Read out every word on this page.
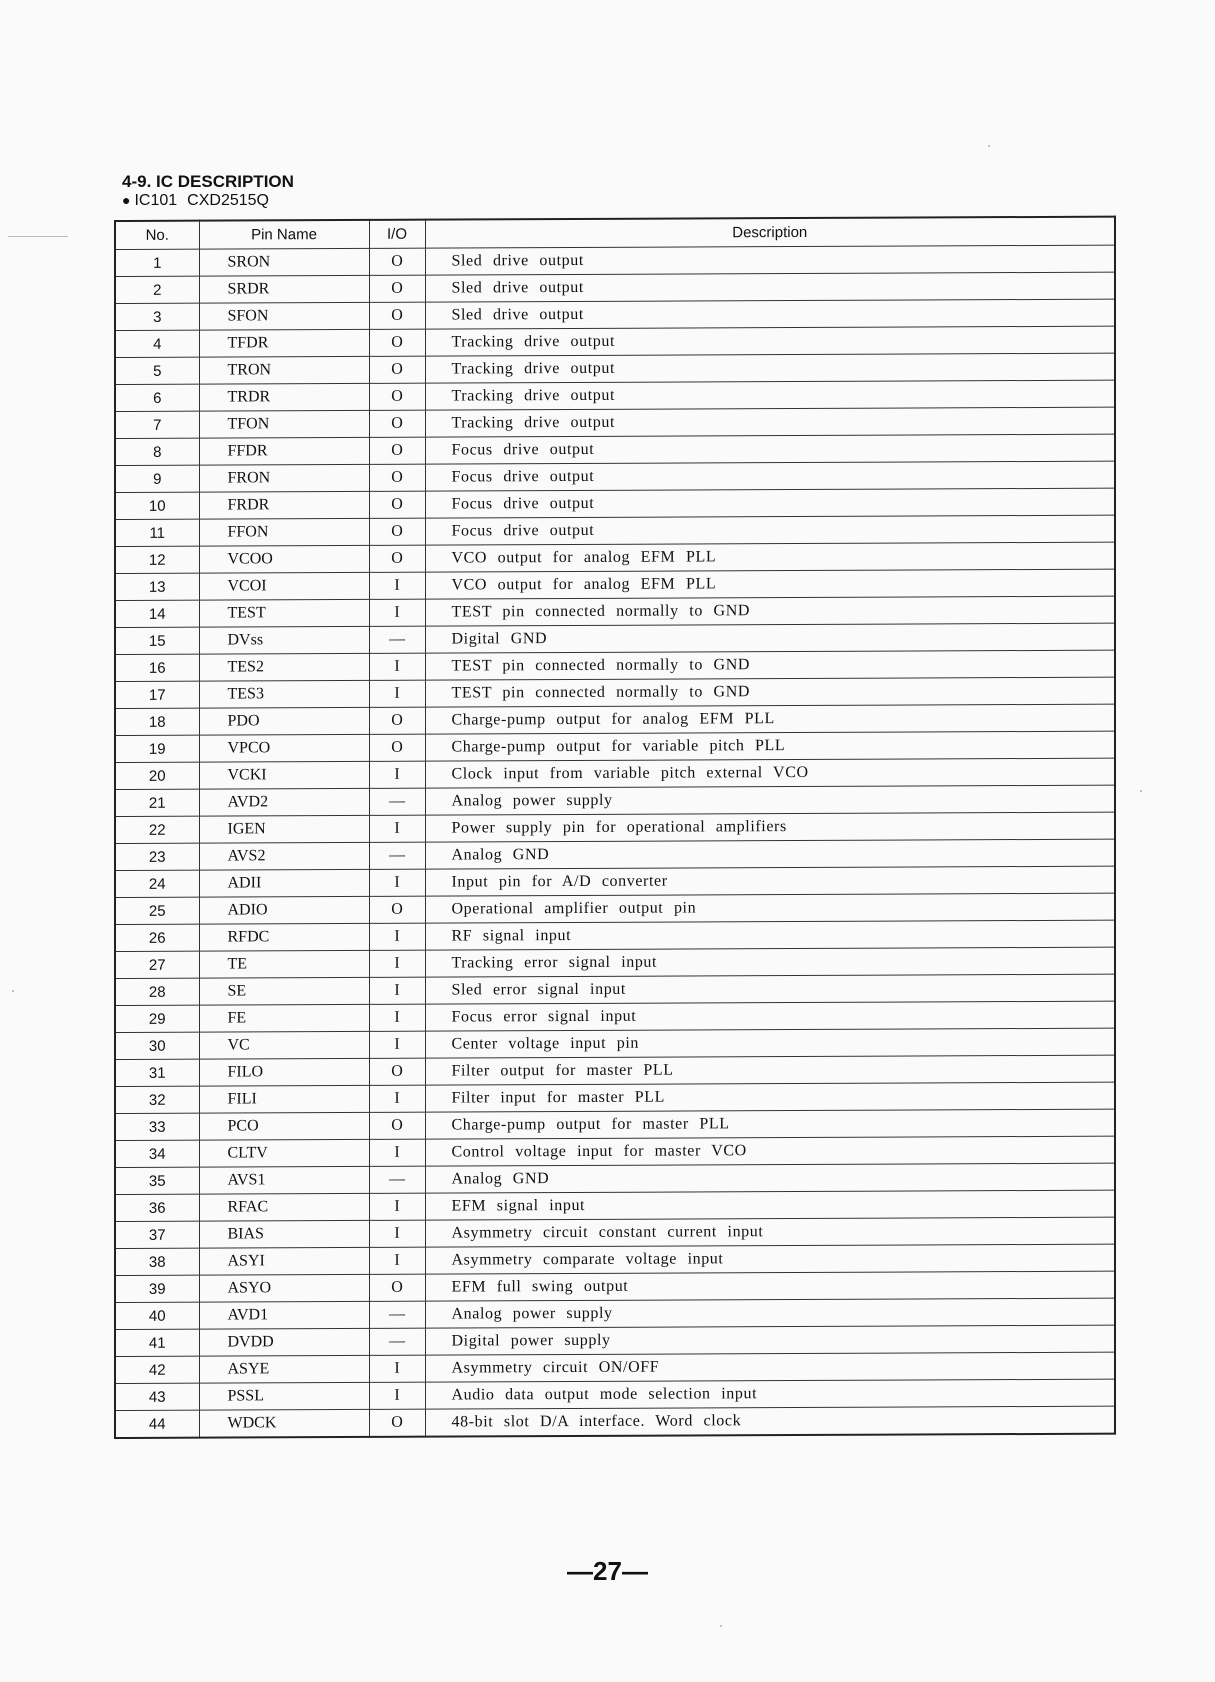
4-9. IC DESCRIPTION
● IC101 CXD2515Q
No.	Pin Name	I/O	Description
1	SRON	O	Sled drive output
2	SRDR	O	Sled drive output
3	SFON	O	Sled drive output
4	TFDR	O	Tracking drive output
5	TRON	O	Tracking drive output
6	TRDR	O	Tracking drive output
7	TFON	O	Tracking drive output
8	FFDR	O	Focus drive output
9	FRON	O	Focus drive output
10	FRDR	O	Focus drive output
11	FFON	O	Focus drive output
12	VCOO	O	VCO output for analog EFM PLL
13	VCOI	I	VCO output for analog EFM PLL
14	TEST	I	TEST pin connected normally to GND
15	DVss	—	Digital GND
16	TES2	I	TEST pin connected normally to GND
17	TES3	I	TEST pin connected normally to GND
18	PDO	O	Charge-pump output for analog EFM PLL
19	VPCO	O	Charge-pump output for variable pitch PLL
20	VCKI	I	Clock input from variable pitch external VCO
21	AVD2	—	Analog power supply
22	IGEN	I	Power supply pin for operational amplifiers
23	AVS2	—	Analog GND
24	ADII	I	Input pin for A/D converter
25	ADIO	O	Operational amplifier output pin
26	RFDC	I	RF signal input
27	TE	I	Tracking error signal input
28	SE	I	Sled error signal input
29	FE	I	Focus error signal input
30	VC	I	Center voltage input pin
31	FILO	O	Filter output for master PLL
32	FILI	I	Filter input for master PLL
33	PCO	O	Charge-pump output for master PLL
34	CLTV	I	Control voltage input for master VCO
35	AVS1	—	Analog GND
36	RFAC	I	EFM signal input
37	BIAS	I	Asymmetry circuit constant current input
38	ASYI	I	Asymmetry comparate voltage input
39	ASYO	O	EFM full swing output
40	AVD1	—	Analog power supply
41	DVDD	—	Digital power supply
42	ASYE	I	Asymmetry circuit ON/OFF
43	PSSL	I	Audio data output mode selection input
44	WDCK	O	48-bit slot D/A interface. Word clock
—27—
